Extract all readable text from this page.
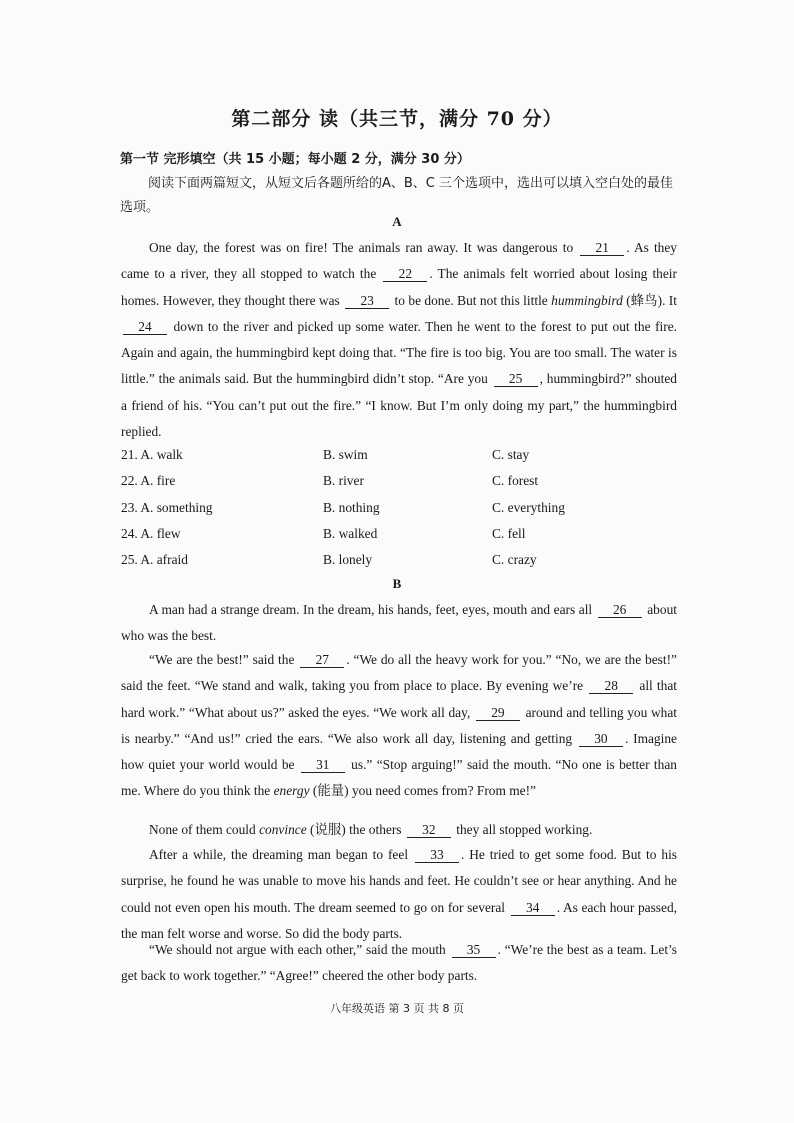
第二部分 读（共三节，满分 70 分）
第一节 完形填空（共 15 小题；每小题 2 分，满分 30 分）
阅读下面两篇短文，从短文后各题所给的A、B、C 三个选项中，选出可以填入空白处的最佳选项。
A
One day, the forest was on fire! The animals ran away. It was dangerous to 21 . As they came to a river, they all stopped to watch the 22 . The animals felt worried about losing their homes. However, they thought there was 23 to be done. But not this little hummingbird (蜂鸟). It 24 down to the river and picked up some water. Then he went to the forest to put out the fire. Again and again, the hummingbird kept doing that. “The fire is too big. You are too small. The water is little.” the animals said. But the hummingbird didn’t stop. “Are you 25 , hummingbird?” shouted a friend of his. “You can’t put out the fire.” “I know. But I’m only doing my part,” the hummingbird replied.
21. A. walk	B. swim	C. stay
22. A. fire	B. river	C. forest
23. A. something	B. nothing	C. everything
24. A. flew	B. walked	C. fell
25. A. afraid	B. lonely	C. crazy
B
A man had a strange dream. In the dream, his hands, feet, eyes, mouth and ears all 26 about who was the best.
“We are the best!” said the 27 . “We do all the heavy work for you.” “No, we are the best!” said the feet. “We stand and walk, taking you from place to place. By evening we’re 28 all that hard work.” “What about us?” asked the eyes. “We work all day, 29 around and telling you what is nearby.” “And us!” cried the ears. “We also work all day, listening and getting 30 . Imagine how quiet your world would be 31 us.” “Stop arguing!” said the mouth. “No one is better than me. Where do you think the energy (能量) you need comes from? From me!”
None of them could convince (说服) the others 32 they all stopped working.
After a while, the dreaming man began to feel 33 . He tried to get some food. But to his surprise, he found he was unable to move his hands and feet. He couldn’t see or hear anything. And he could not even open his mouth. The dream seemed to go on for several 34 . As each hour passed, the man felt worse and worse. So did the body parts.
“We should not argue with each other,” said the mouth 35 . “We’re the best as a team. Let’s get back to work together.” “Agree!” cheered the other body parts.
八年级英语 第 3 页 共 8 页
